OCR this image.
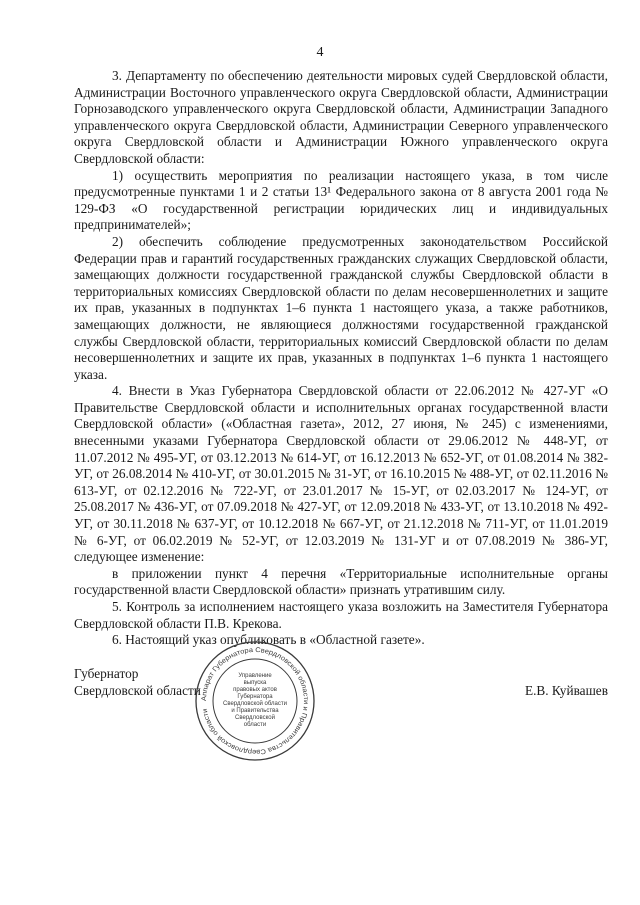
4

3. Департаменту по обеспечению деятельности мировых судей Свердловской области, Администрации Восточного управленческого округа Свердловской области, Администрации Горнозаводского управленческого округа Свердловской области, Администрации Западного управленческого округа Свердловской области, Администрации Северного управленческого округа Свердловской области и Администрации Южного управленческого округа Свердловской области:

1) осуществить мероприятия по реализации настоящего указа, в том числе предусмотренные пунктами 1 и 2 статьи 13¹ Федерального закона от 8 августа 2001 года № 129-ФЗ «О государственной регистрации юридических лиц и индивидуальных предпринимателей»;

2) обеспечить соблюдение предусмотренных законодательством Российской Федерации прав и гарантий государственных гражданских служащих Свердловской области, замещающих должности государственной гражданской службы Свердловской области в территориальных комиссиях Свердловской области по делам несовершеннолетних и защите их прав, указанных в подпунктах 1–6 пункта 1 настоящего указа, а также работников, замещающих должности, не являющиеся должностями государственной гражданской службы Свердловской области, территориальных комиссий Свердловской области по делам несовершеннолетних и защите их прав, указанных в подпунктах 1–6 пункта 1 настоящего указа.

4. Внести в Указ Губернатора Свердловской области от 22.06.2012 № 427-УГ «О Правительстве Свердловской области и исполнительных органах государственной власти Свердловской области» («Областная газета», 2012, 27 июня, № 245) с изменениями, внесенными указами Губернатора Свердловской области от 29.06.2012 № 448-УГ, от 11.07.2012 № 495-УГ, от 03.12.2013 № 614-УГ, от 16.12.2013 № 652-УГ, от 01.08.2014 № 382-УГ, от 26.08.2014 № 410-УГ, от 30.01.2015 № 31-УГ, от 16.10.2015 № 488-УГ, от 02.11.2016 № 613-УГ, от 02.12.2016 № 722-УГ, от 23.01.2017 № 15-УГ, от 02.03.2017 № 124-УГ, от 25.08.2017 № 436-УГ, от 07.09.2018 № 427-УГ, от 12.09.2018 № 433-УГ, от 13.10.2018 № 492-УГ, от 30.11.2018 № 637-УГ, от 10.12.2018 № 667-УГ, от 21.12.2018 № 711-УГ, от 11.01.2019 № 6-УГ, от 06.02.2019 № 52-УГ, от 12.03.2019 № 131-УГ и от 07.08.2019 № 386-УГ, следующее изменение:

в приложении пункт 4 перечня «Территориальные исполнительные органы государственной власти Свердловской области» признать утратившим силу.

5. Контроль за исполнением настоящего указа возложить на Заместителя Губернатора Свердловской области П.В. Крекова.

6. Настоящий указ опубликовать в «Областной газете».

Губернатор
Свердловской области	Е.В. Куйвашев
Аппарат Губернатора Свердловской области и Правительства Свердловской области
Управление
выпуска
правовых актов
Губернатора
Свердловской области
и Правительства
Свердловской
области
